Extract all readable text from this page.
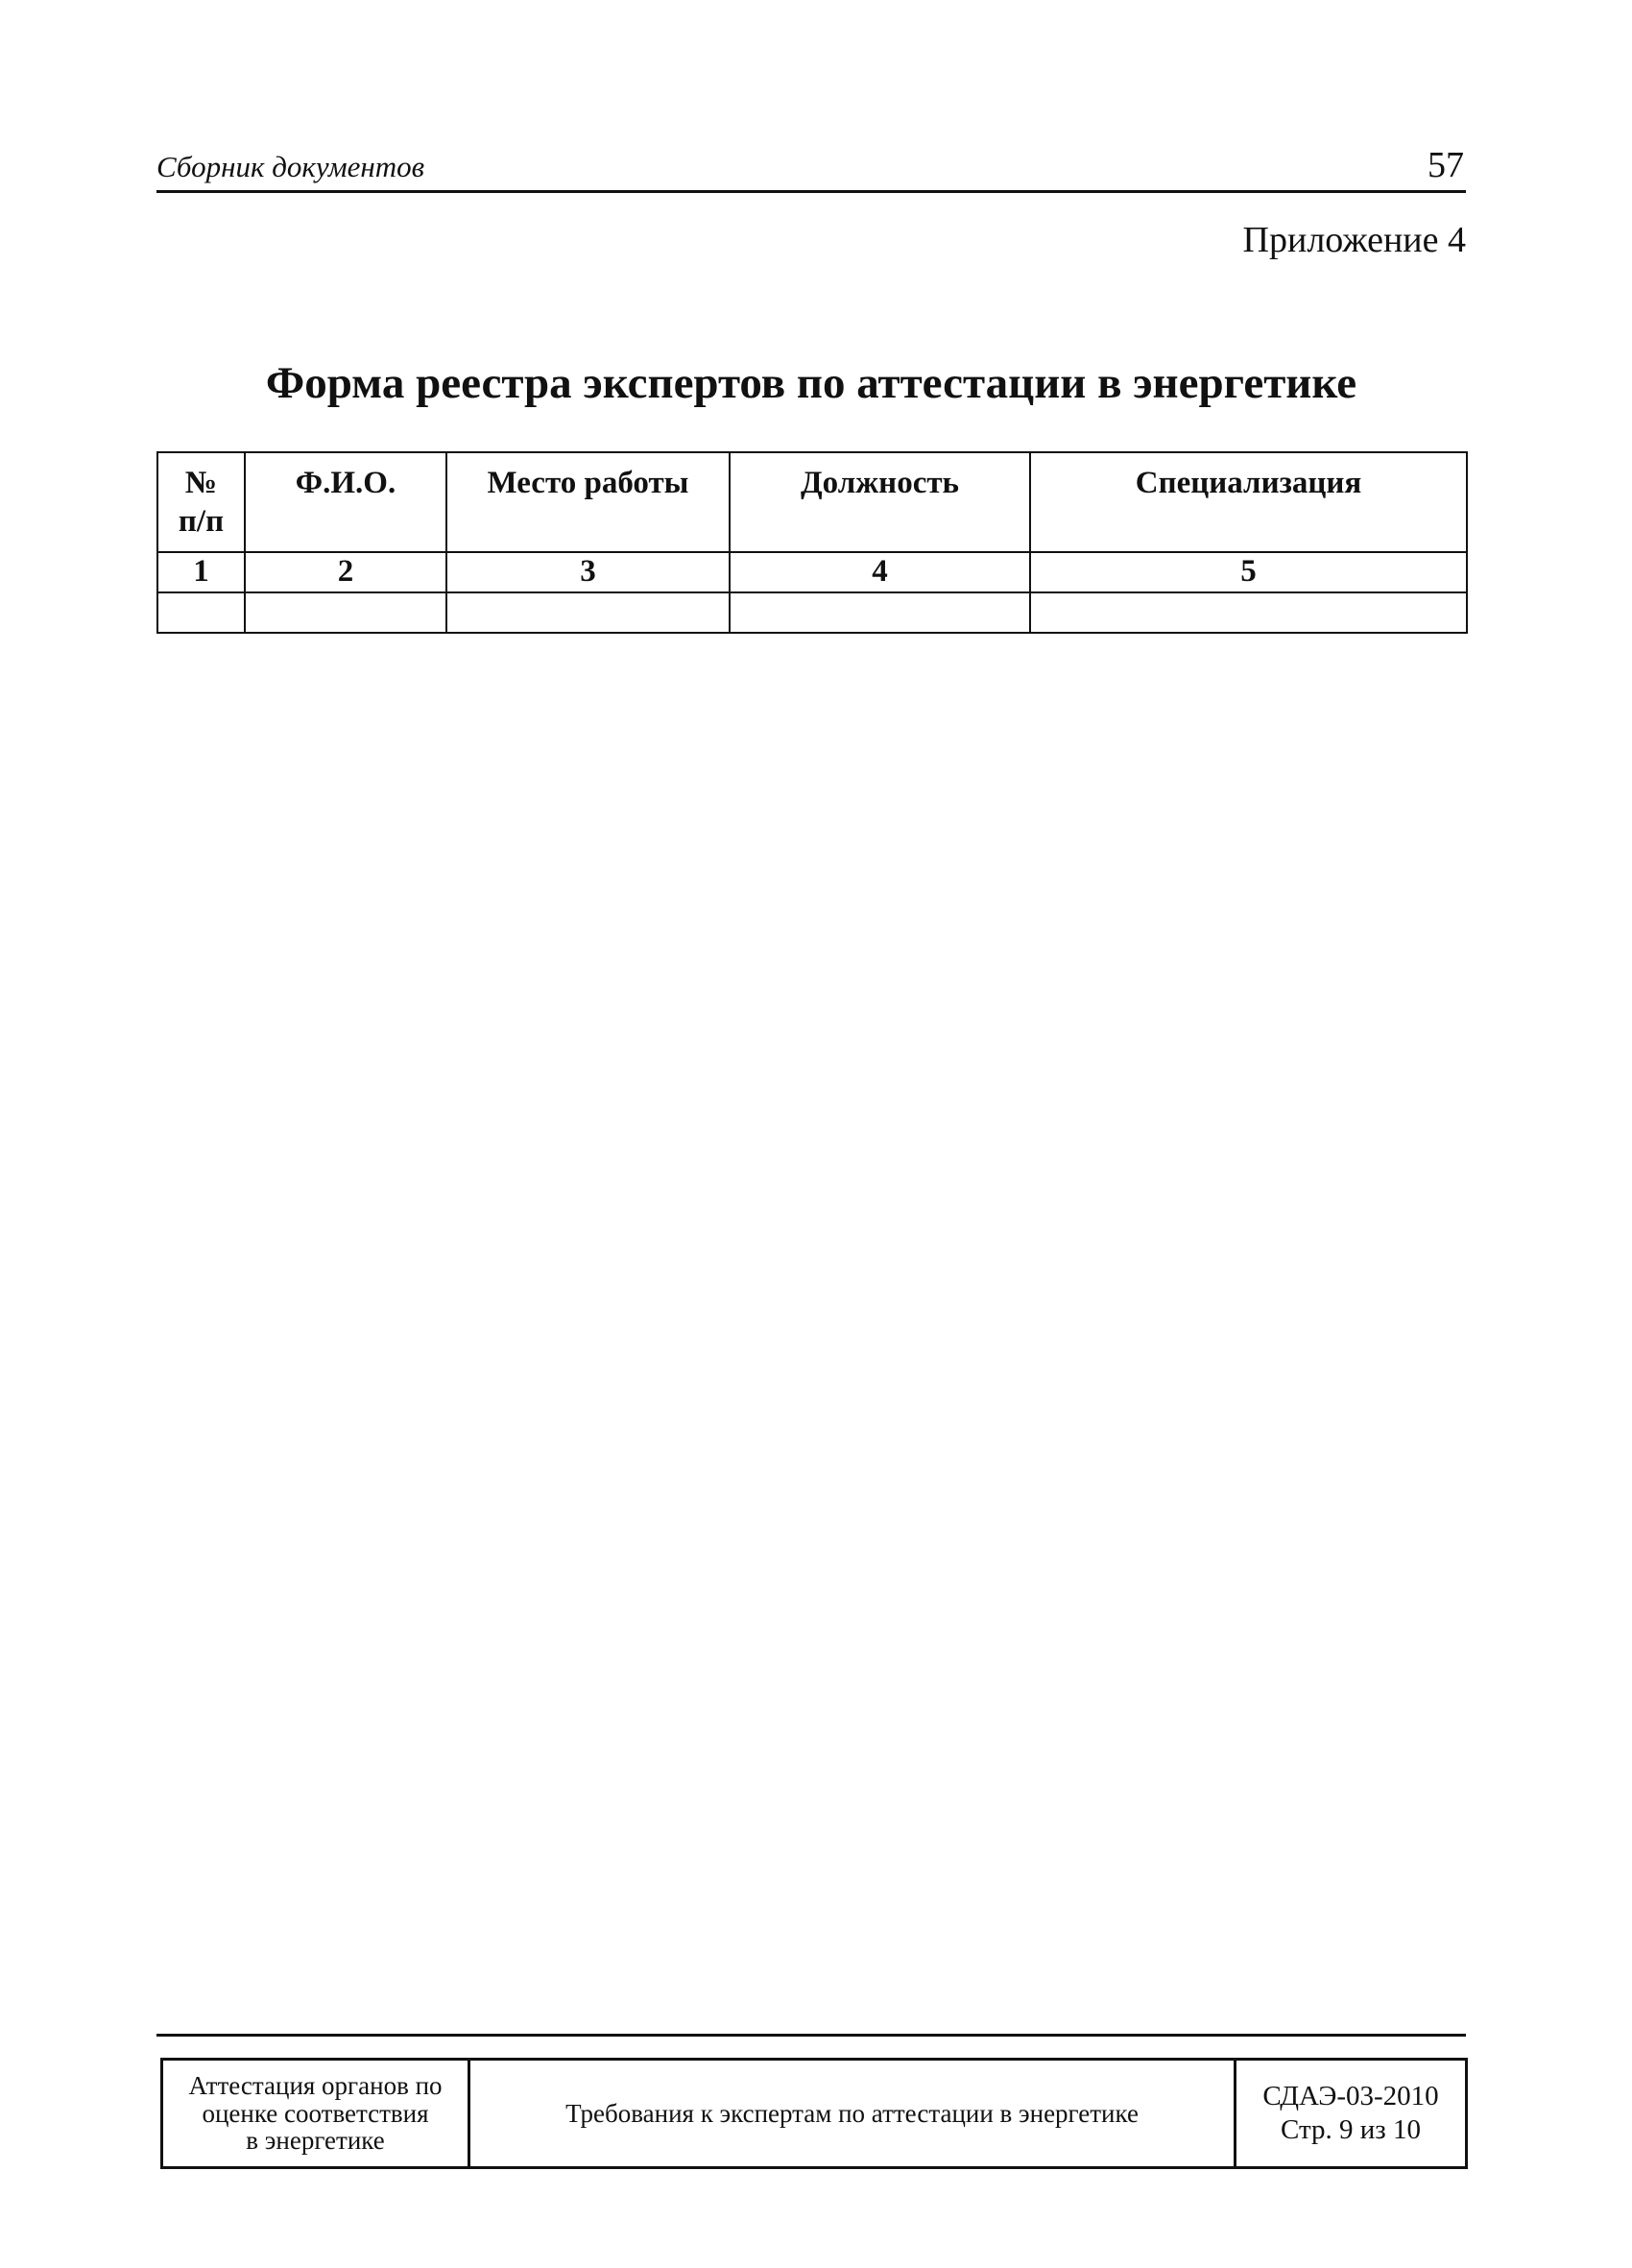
Сборник документов	57
Приложение 4
Форма реестра экспертов по аттестации в энергетике
№
п/п	Ф.И.О.	Место работы	Должность	Специализация
1	2	3	4	5

Аттестация органов по
оценке соответствия
в энергетике
	Требования к экспертам по аттестации в энергетике	
СДАЭ-03-2010
Стр. 9 из 10
